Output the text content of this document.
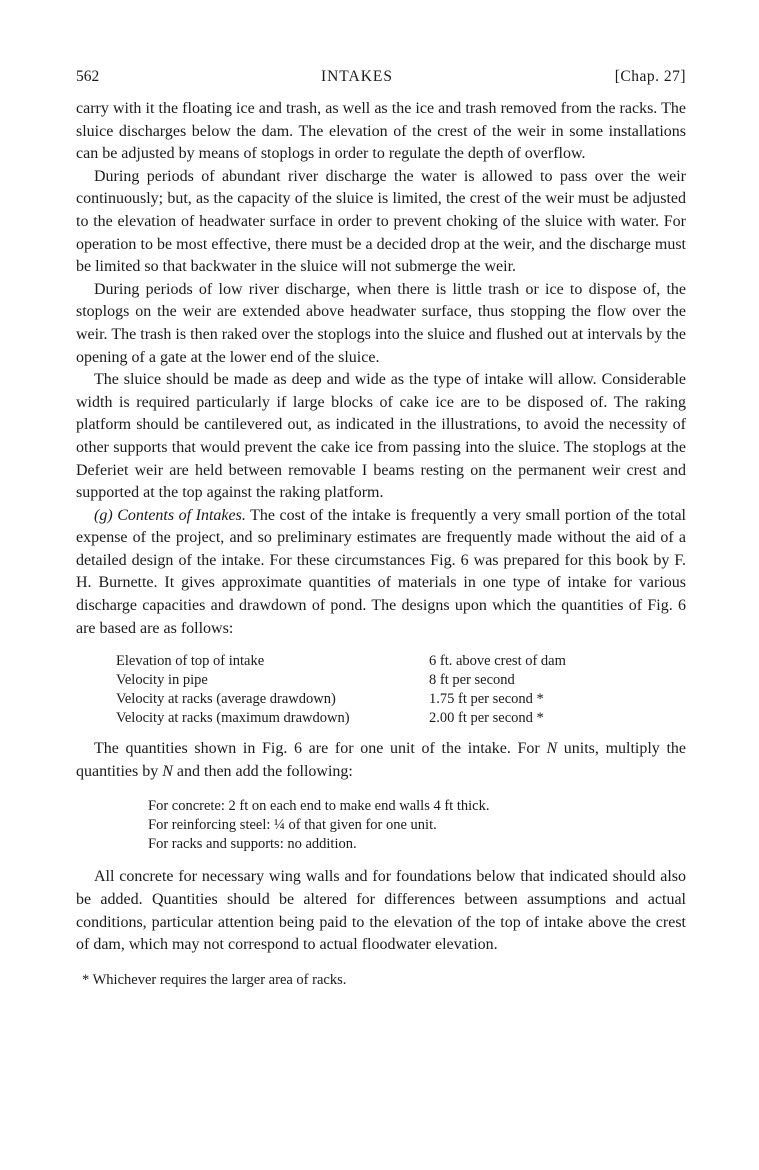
562	INTAKES	[Chap. 27]

carry with it the floating ice and trash, as well as the ice and trash removed from the racks. The sluice discharges below the dam. The elevation of the crest of the weir in some installations can be adjusted by means of stoplogs in order to regulate the depth of overflow.

During periods of abundant river discharge the water is allowed to pass over the weir continuously; but, as the capacity of the sluice is limited, the crest of the weir must be adjusted to the elevation of headwater surface in order to prevent choking of the sluice with water. For operation to be most effective, there must be a decided drop at the weir, and the discharge must be limited so that backwater in the sluice will not submerge the weir.

During periods of low river discharge, when there is little trash or ice to dispose of, the stoplogs on the weir are extended above headwater surface, thus stopping the flow over the weir. The trash is then raked over the stoplogs into the sluice and flushed out at intervals by the opening of a gate at the lower end of the sluice.

The sluice should be made as deep and wide as the type of intake will allow. Considerable width is required particularly if large blocks of cake ice are to be disposed of. The raking platform should be cantilevered out, as indicated in the illustrations, to avoid the necessity of other supports that would prevent the cake ice from passing into the sluice. The stoplogs at the Deferiet weir are held between removable I beams resting on the permanent weir crest and supported at the top against the raking platform.

(g) Contents of Intakes. The cost of the intake is frequently a very small portion of the total expense of the project, and so preliminary estimates are frequently made without the aid of a detailed design of the intake. For these circumstances Fig. 6 was prepared for this book by F. H. Burnette. It gives approximate quantities of materials in one type of intake for various discharge capacities and drawdown of pond. The designs upon which the quantities of Fig. 6 are based are as follows:

Elevation of top of intake	6 ft. above crest of dam
Velocity in pipe	8 ft per second
Velocity at racks (average drawdown)	1.75 ft per second *
Velocity at racks (maximum drawdown)	2.00 ft per second *

The quantities shown in Fig. 6 are for one unit of the intake. For N units, multiply the quantities by N and then add the following:

For concrete: 2 ft on each end to make end walls 4 ft thick.
For reinforcing steel: ¼ of that given for one unit.
For racks and supports: no addition.

All concrete for necessary wing walls and for foundations below that indicated should also be added. Quantities should be altered for differences between assumptions and actual conditions, particular attention being paid to the elevation of the top of intake above the crest of dam, which may not correspond to actual floodwater elevation.

* Whichever requires the larger area of racks.
